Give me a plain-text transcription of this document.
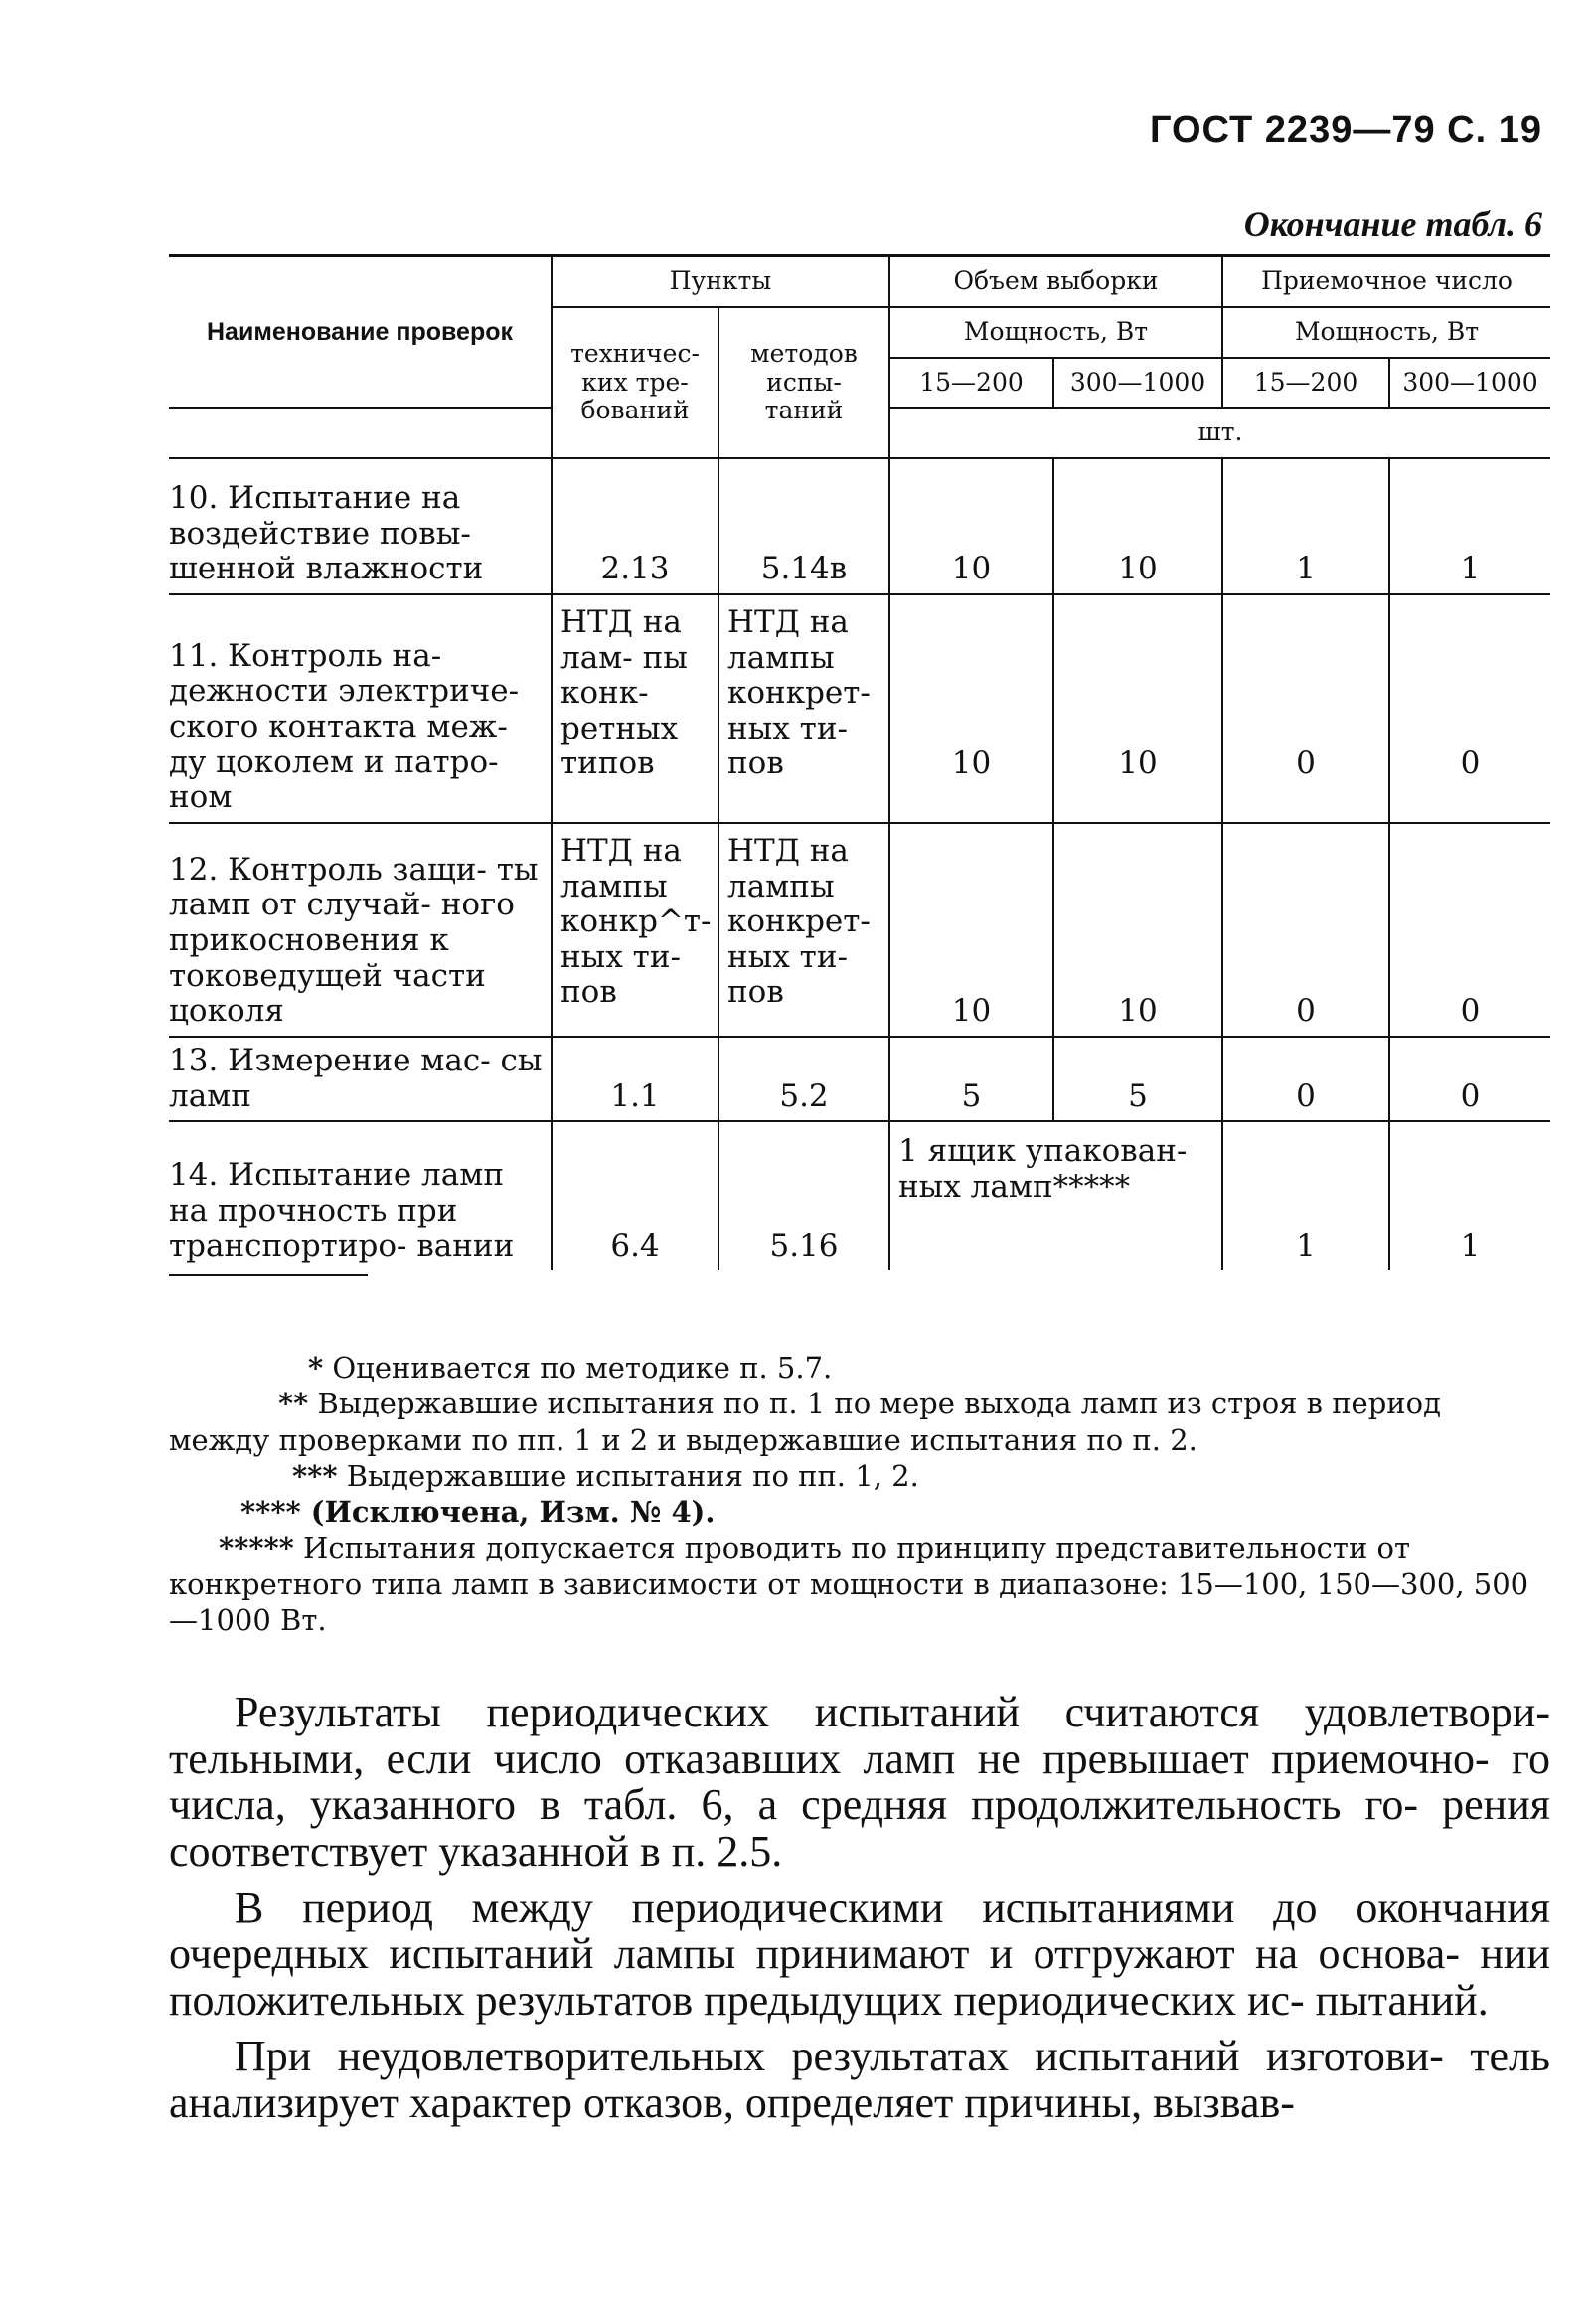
ГОСТ 2239—79 С. 19
Окончание табл. 6
Наименование проверок	Пункты		Объем выборки		Приемочное число	
	техничес- ких тре- бований	методов испы- таний	Мощность, Вт		Мощность, Вт	
			15—200	300—1000	15—200	300—1000
			шт.			
10. Испытание на воздействие повы- шенной влажности	2.13	5.14в	10	10	1	1
11. Контроль на- дежности электриче- ского контакта меж- ду цоколем и патро- ном	НТД на лам- пы конк- ретных типов	НТД на лампы конкрет- ных ти- пов	10	10	0	0
12. Контроль защи- ты ламп от случай- ного прикосновения к токоведущей части цоколя	НТД на лампы конкр^т- ных ти- пов	НТД на лампы конкрет- ных ти- пов	10	10	0	0
13. Измерение мас- сы ламп	1.1	5.2	5	5	0	0
14. Испытание ламп на прочность при транспортиро- вании	6.4	5.16	1 ящик упакован- ных ламп*****		1	1

* Оценивается по методике п. 5.7.

** Выдержавшие испытания по п. 1 по мере выхода ламп из строя в период между проверками по пп. 1 и 2 и выдержавшие испытания по п. 2.

*** Выдержавшие испытания по пп. 1, 2.

**** (Исключена, Изм. № 4).

***** Испытания допускается проводить по принципу представительности от конкретного типа ламп в зависимости от мощности в диапазоне: 15—100, 150—300, 500—1000 Вт.

Результаты периодических испытаний считаются удовлетвори- тельными, если число отказавших ламп не превышает приемочно- го числа, указанного в табл. 6, а средняя продолжительность го- рения соответствует указанной в п. 2.5.

В период между периодическими испытаниями до окончания очередных испытаний лампы принимают и отгружают на основа- нии положительных результатов предыдущих периодических ис- пытаний.

При неудовлетворительных результатах испытаний изготови- тель анализирует характер отказов, определяет причины, вызвав-
